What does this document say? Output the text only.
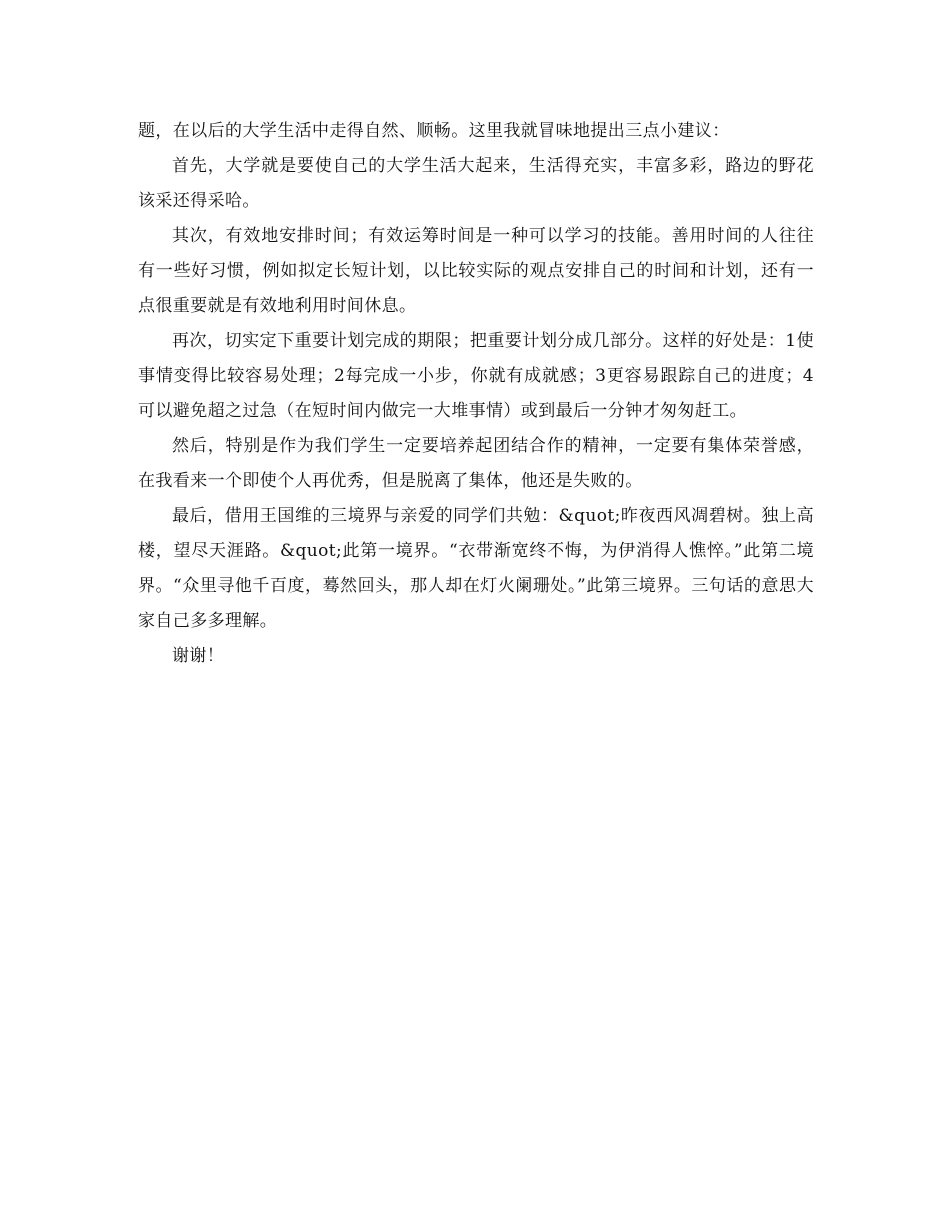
题，在以后的大学生活中走得自然、顺畅。这里我就冒味地提出三点小建议：

首先，大学就是要使自己的大学生活大起来，生活得充实，丰富多彩，路边的野花该采还得采哈。

其次，有效地安排时间；有效运筹时间是一种可以学习的技能。善用时间的人往往有一些好习惯，例如拟定长短计划，以比较实际的观点安排自己的时间和计划，还有一点很重要就是有效地利用时间休息。

再次，切实定下重要计划完成的期限；把重要计划分成几部分。这样的好处是：1使事情变得比较容易处理；2每完成一小步，你就有成就感；3更容易跟踪自己的进度；4可以避免超之过急（在短时间内做完一大堆事情）或到最后一分钟才匆匆赶工。

然后，特别是作为我们学生一定要培养起团结合作的精神，一定要有集体荣誉感，在我看来一个即使个人再优秀，但是脱离了集体，他还是失败的。

最后，借用王国维的三境界与亲爱的同学们共勉：&quot;昨夜西风凋碧树。独上高楼，望尽天涯路。&quot;此第一境界。“衣带渐宽终不悔，为伊消得人憔悴。”此第二境界。“众里寻他千百度，蓦然回头，那人却在灯火阑珊处。”此第三境界。三句话的意思大家自己多多理解。

谢谢！
